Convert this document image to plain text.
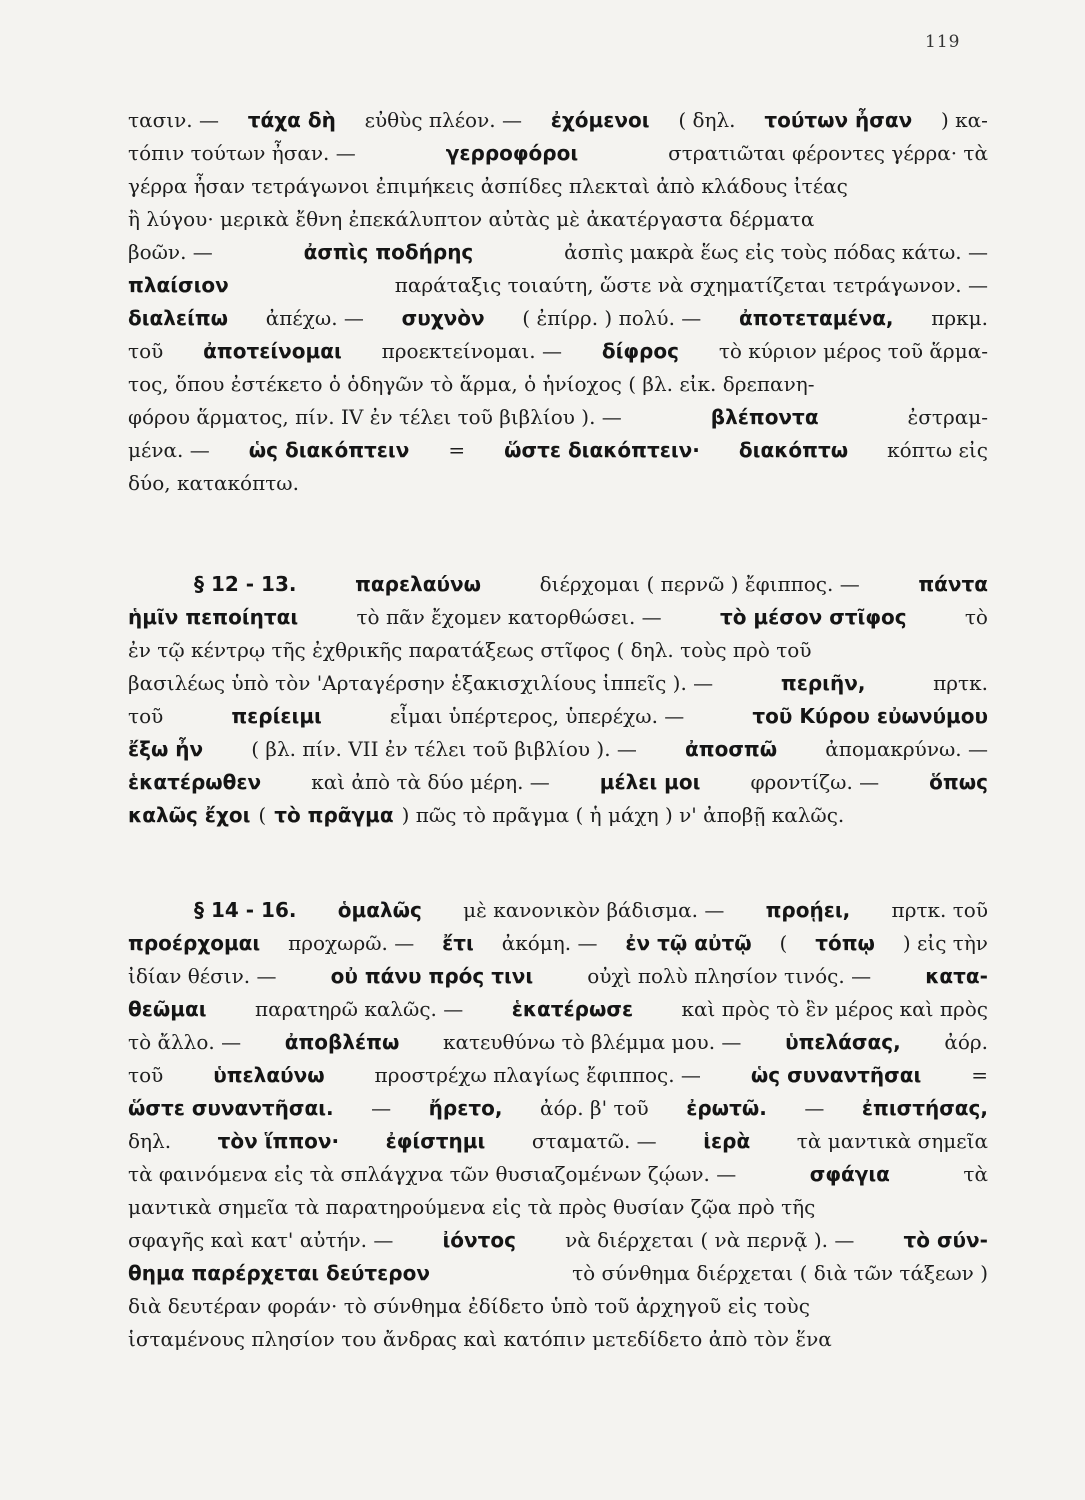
119
τασιν. — τάχα δὴ εὐθὺς πλέον. — ἐχόμενοι ( δηλ. τούτων ἦσαν ) κα-
τόπιν τούτων ἦσαν. —	γερροφόροι	στρατιῶται φέροντες γέρρα· τὰ
γέρρα ἦσαν τετράγωνοι ἐπιμήκεις ἀσπίδες πλεκταὶ ἀπὸ κλάδους ἰτέας
ἢ λύγου· μερικὰ ἔθνη ἐπεκάλυπτον αὐτὰς μὲ ἀκατέργαστα δέρματα
βοῶν. —	ἀσπὶς ποδήρης	ἀσπὶς μακρὰ ἕως εἰς τοὺς πόδας κάτω. —
πλαίσιον	παράταξις τοιαύτη, ὥστε νὰ σχηματίζεται τετράγωνον. —
διαλείπω ἀπέχω. — συχνὸν ( ἐπίρρ. ) πολύ. — ἀποτεταμένα, πρκμ.
τοῦ ἀποτείνομαι προεκτείνομαι. — δίφρος τὸ κύριον μέρος τοῦ ἅρμα-
τος, ὅπου ἐστέκετο ὁ ὁδηγῶν τὸ ἅρμα, ὁ ἡνίοχος ( βλ. εἰκ. δρεπανη-
φόρου ἅρματος, πίν. IV ἐν τέλει τοῦ βιβλίου ). —	βλέποντα	ἐστραμ-
μένα. — ὡς διακόπτειν = ὥστε διακόπτειν· διακόπτω κόπτω εἰς
δύο, κατακόπτω.
§ 12 - 13.	παρελαύνω	διέρχομαι ( περνῶ ) ἔφιππος. —	πάντα
ἡμῖν πεποίηται	τὸ πᾶν ἔχομεν κατορθώσει. —	τὸ μέσον στῖφος	τὸ
ἐν τῷ κέντρῳ τῆς ἐχθρικῆς παρατάξεως στῖφος ( δηλ. τοὺς πρὸ τοῦ
βασιλέως ὑπὸ τὸν 'Αρταγέρσην ἑξακισχιλίους ἱππεῖς ). —	περιῆν,	πρτκ.
τοῦ	περίειμι	εἶμαι ὑπέρτερος, ὑπερέχω. —	τοῦ Κύρου εὐωνύμου
ἔξω ἦν ( βλ. πίν. VII ἐν τέλει τοῦ βιβλίου ). — ἀποσπῶ ἀπομακρύνω. —
ἑκατέρωθεν	καὶ ἀπὸ τὰ δύο μέρη. —	μέλει μοι	φροντίζω. —	ὅπως
καλῶς ἔχοι ( τὸ πρᾶγμα ) πῶς τὸ πρᾶγμα ( ἡ μάχη ) ν' ἀποβῇ καλῶς.
§ 14 - 16. ὁμαλῶς μὲ κανονικὸν βάδισμα. — προῄει, πρτκ. τοῦ
προέρχομαι προχωρῶ. — ἔτι ἀκόμη. — ἐν τῷ αὐτῷ ( τόπῳ ) εἰς τὴν
ἰδίαν θέσιν. —	οὐ πάνυ πρός τινι	οὐχὶ πολὺ πλησίον τινός. —	κατα-
θεῶμαι παρατηρῶ καλῶς. — ἑκατέρωσε καὶ πρὸς τὸ ἓν μέρος καὶ πρὸς
τὸ ἄλλο. — ἀποβλέπω κατευθύνω τὸ βλέμμα μου. — ὑπελάσας, ἀόρ.
τοῦ ὑπελαύνω προστρέχω πλαγίως ἔφιππος. — ὡς συναντῆσαι =
ὥστε συναντῆσαι. — ἤρετο, ἀόρ. β' τοῦ ἐρωτῶ. — ἐπιστήσας,
δηλ. τὸν ἵππον· ἐφίστημι σταματῶ. — ἱερὰ τὰ μαντικὰ σημεῖα
τὰ φαινόμενα εἰς τὰ σπλάγχνα τῶν θυσιαζομένων ζῴων. —	σφάγια	τὰ
μαντικὰ σημεῖα τὰ παρατηρούμενα εἰς τὰ πρὸς θυσίαν ζῷα πρὸ τῆς
σφαγῆς καὶ κατ' αὐτήν. — ἰόντος νὰ διέρχεται ( νὰ περνᾷ ). — τὸ σύν-
θημα παρέρχεται δεύτερον	τὸ σύνθημα διέρχεται ( διὰ τῶν τάξεων )
διὰ δευτέραν φοράν· τὸ σύνθημα ἐδίδετο ὑπὸ τοῦ ἀρχηγοῦ εἰς τοὺς
ἱσταμένους πλησίον του ἄνδρας καὶ κατόπιν μετεδίδετο ἀπὸ τὸν ἕνα
